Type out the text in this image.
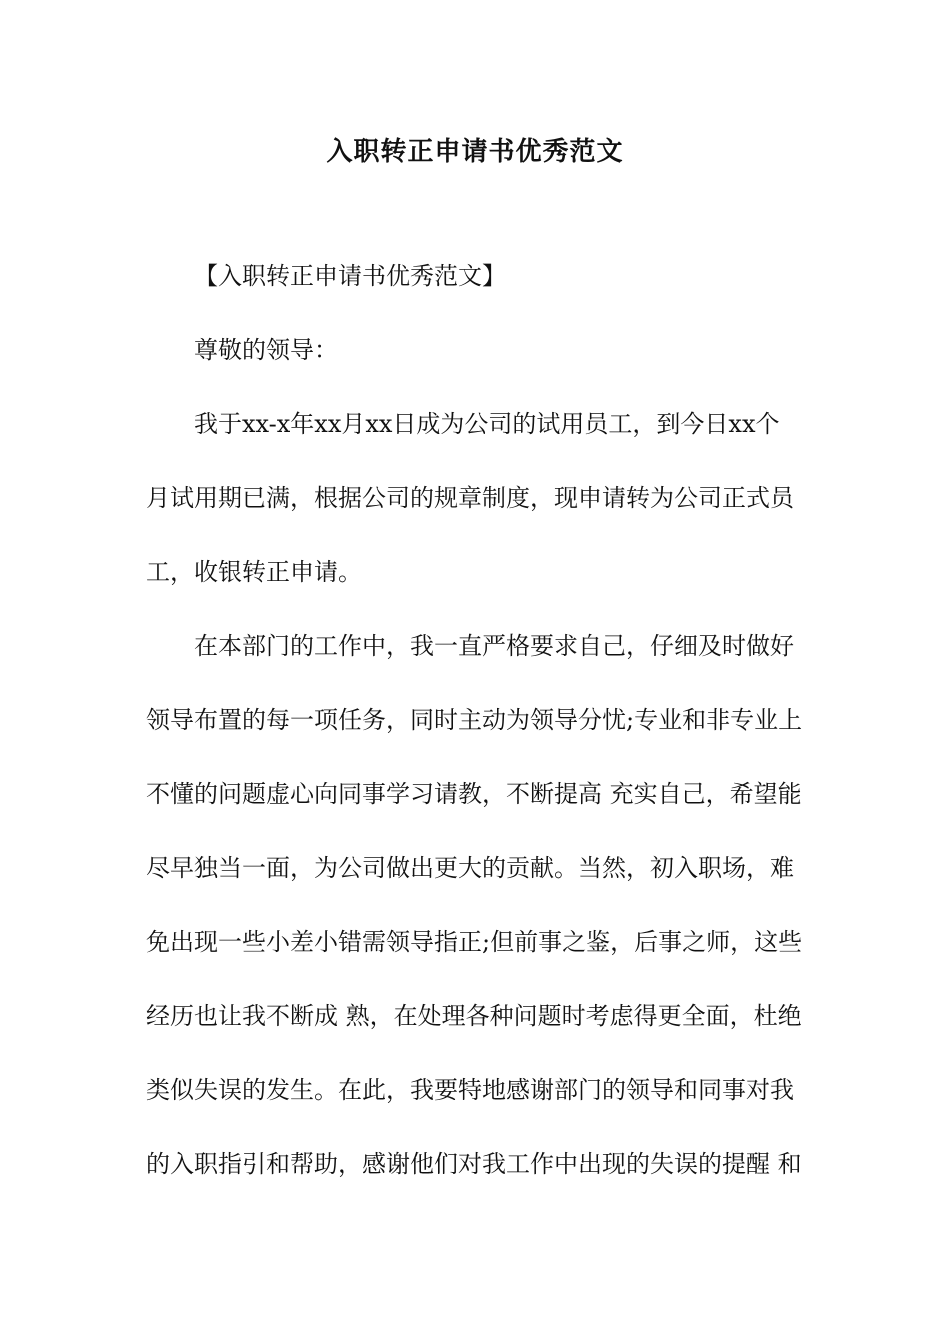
入职转正申请书优秀范文
【入职转正申请书优秀范文】
尊敬的领导：
我于xx-x年xx月xx日成为公司的试用员工，到今日xx个
月试用期已满，根据公司的规章制度，现申请转为公司正式员
工，收银转正申请。
在本部门的工作中，我一直严格要求自己，仔细及时做好
领导布置的每一项任务，同时主动为领导分忧;专业和非专业上
不懂的问题虚心向同事学习请教，不断提高 充实自己，希望能
尽早独当一面，为公司做出更大的贡献。当然，初入职场，难
免出现一些小差小错需领导指正;但前事之鉴，后事之师，这些
经历也让我不断成 熟，在处理各种问题时考虑得更全面，杜绝
类似失误的发生。在此，我要特地感谢部门的领导和同事对我
的入职指引和帮助，感谢他们对我工作中出现的失误的提醒 和
